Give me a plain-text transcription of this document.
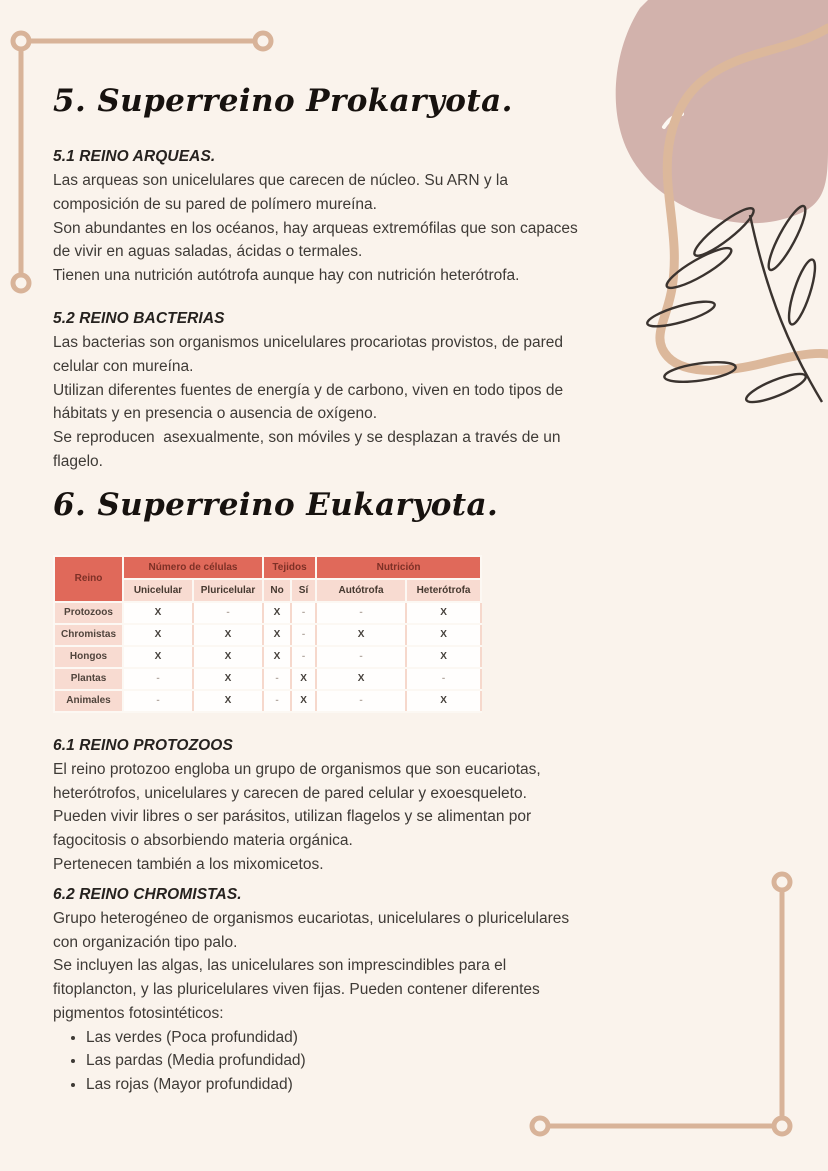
5. Superreino Prokaryota.
5.1 REINO ARQUEAS.

Las arqueas son unicelulares que carecen de núcleo. Su ARN y la
composición de su pared de polímero mureína.
Son abundantes en los océanos, hay arqueas extremófilas que son capaces
de vivir en aguas saladas, ácidas o termales.
Tienen una nutrición autótrofa aunque hay con nutrición heterótrofa.

5.2 REINO BACTERIAS

Las bacterias son organismos unicelulares procariotas provistos, de pared
celular con mureína.
Utilizan diferentes fuentes de energía y de carbono, viven en todo tipos de
hábitats y en presencia o ausencia de oxígeno.
Se reproducen  asexualmente, son móviles y se desplazan a través de un
flagelo.

6. Superreino Eukaryota.
Reino	Número de células		Tejidos		Nutrición	
	Unicelular	Pluricelular	No	Sí	Autótrofa	Heterótrofa
Protozoos	X	-	X	-	-	X
Chromistas	X	X	X	-	X	X
Hongos	X	X	X	-	-	X
Plantas	-	X	-	X	X	-
Animales	-	X	-	X	-	X
6.1 REINO PROTOZOOS

El reino protozoo engloba un grupo de organismos que son eucariotas,
heterótrofos, unicelulares y carecen de pared celular y exoesqueleto.
Pueden vivir libres o ser parásitos, utilizan flagelos y se alimentan por
fagocitosis o absorbiendo materia orgánica.
Pertenecen también a los mixomicetos.

6.2 REINO CHROMISTAS.

Grupo heterogéneo de organismos eucariotas, unicelulares o pluricelulares
con organización tipo palo.
Se incluyen las algas, las unicelulares son imprescindibles para el
fitoplancton, y las pluricelulares viven fijas. Pueden contener diferentes
pigmentos fotosintéticos:

• Las verdes (Poca profundidad)
• Las pardas (Media profundidad)
• Las rojas (Mayor profundidad)
